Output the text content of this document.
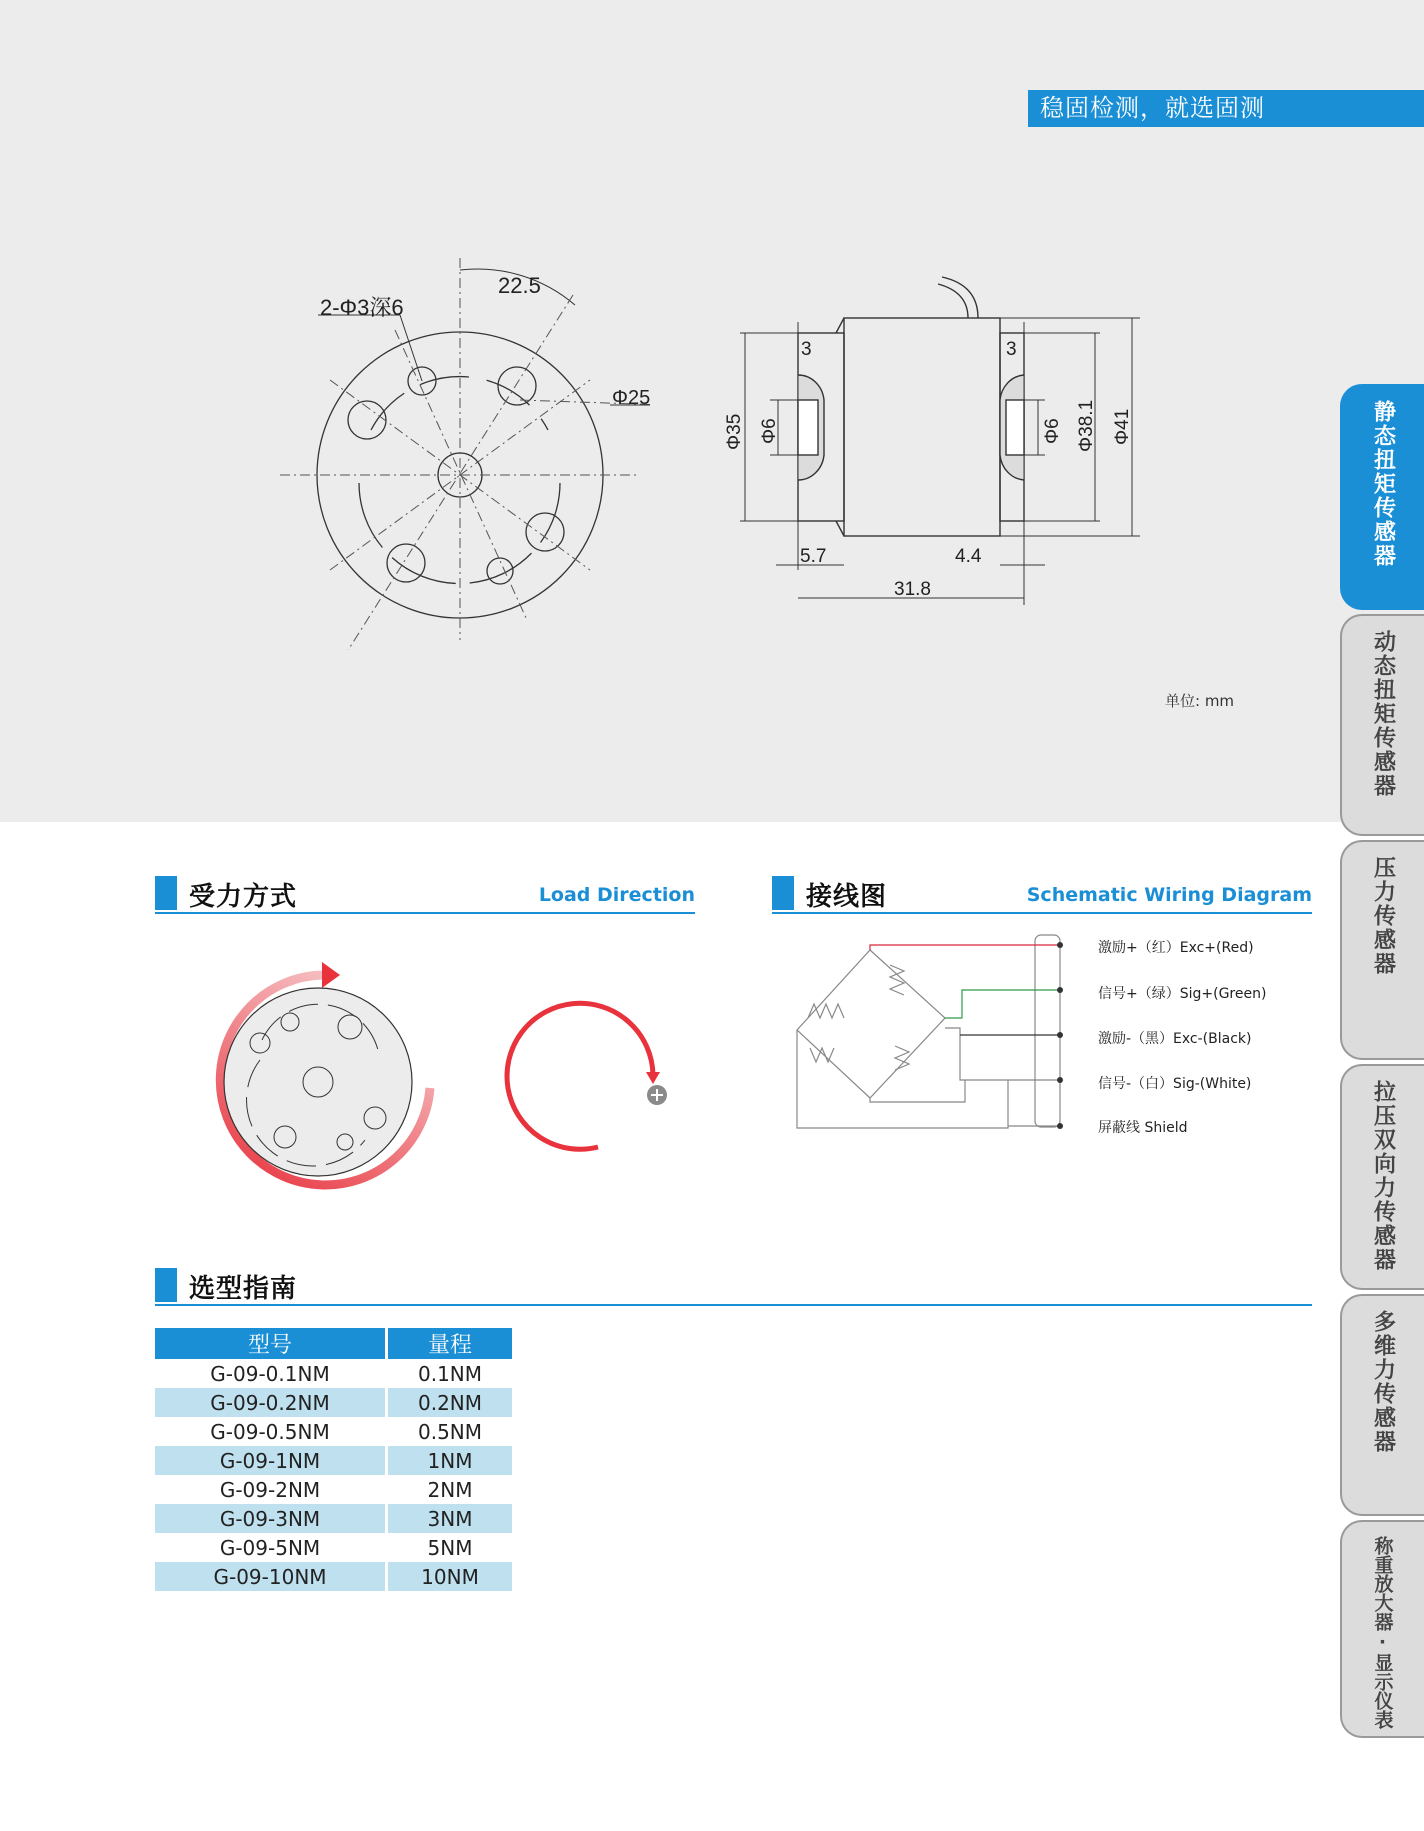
稳固检测，就选固测
2-Φ3深6
22.5
Φ25
3	3
5.7	4.4
31.8
Φ35 Φ6	Φ6 Φ38.1 Φ41
单位: mm
受力方式	Load Direction	接线图	Schematic Wiring Diagram
激励+（红）Exc+(Red)
信号+（绿）Sig+(Green)
激励-（黑）Exc-(Black)
信号-（白）Sig-(White)
屏蔽线 Shield
选型指南
型号	量程
G-09-0.1NM	0.1NM
G-09-0.2NM	0.2NM
G-09-0.5NM	0.5NM
G-09-1NM	1NM
G-09-2NM	2NM
G-09-3NM	3NM
G-09-5NM	5NM
G-09-10NM	10NM
静态扭矩传感器
动态扭矩传感器
压力传感器
拉压双向力传感器
多维力传感器
称重放大器·显示仪表
